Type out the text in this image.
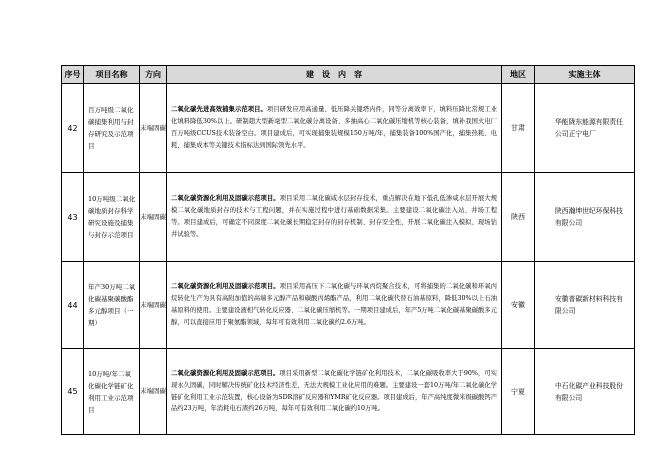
序号	项目名称	方向	建　设　内　容	地区	实施主体
42	百万吨级二氧化碳捕集利用与封存研究及示范项目	末端固碳	二氧化碳先进高效捕集示范项目。项目研发应用高通量、低压降关键塔内件，同等分离效率下，填料压降比常规工业化填料降低30%以上。研制超大型新毫型二氧化碳分离设备、多抽高心二氧化碳压缩机等核心装备，填补我国火电厂百万吨级CCUS技术装备空白。项目建成后，可实现捕集装规模150万吨/年，捕集装备100%国产化，捕集热耗、电耗、捕集成本等关键技术指标达到国际领先水平。	甘肃	华能陇东能源有限责任公司正宁电厂
43	10万吨级二氧化碳地质封存科学研究设施及捕集与封存示范项目	末端固碳	二氧化碳资源化利用及固碳示范项目。项目采用二氧化碳咸水层封存技术，重点解决在地下低孔低渗咸水层开展大规模二氧化碳地质封存的技术与工程问题，并在实施过程中进行基础数据采集。主要建设二氧化碳注入站、井场工程等。项目建成后，可确定不同深度二氧化碳长期稳定封存的封存机制、封存安全性，开展二氧化碳注入模拟、现场钻井试验等。	陕西	陕西瀚坤世纪环保科技有限公司
44	年产30万吨二氧化碳基聚碳酸酯多元醇项目（一期）	末端固碳	二氧化碳资源化利用及固碳示范项目。项目采用高压下二氧化碳与环氧丙烷聚合技术，可将捕集的二氧化碳和环氧丙烷转化生产为具有高附加值的高端多元醇产品和碳酸丙烯酯产品，利用二氧化碳代替石油基原料，降低30%以上石油基原料的使用。主要建设液相气转化反应器、二氧化碳压缩机等。一期项目建成后，年产5万吨二氧化碳基聚碳酸多元醇，可以直接应用于聚氨酯领域，每年可有效利用二氧化碳约2.6万吨。	安徽	安徽普碳新材料科技有限公司
45	10万吨/年二氧化碳化学链矿化利用工业示范项目	末端固碳	二氧化碳资源化利用及固碳示范项目。项目采用新型二氧化碳化学链矿化利用技术，二氧化碳吸收率大于90%，可实现永久固碳，同时解决传统矿化技术经济性差、无法大规模工业化应用的难题。主要建设一套10万吨/年二氧化碳化学链矿化利用工业示范装置，核心设备为SDR溶矿反应器和YMR矿化反应器。项目建成后，年产高纯度微米级碳酸钙产品约23万吨，年消耗电石渣约26万吨，每年可有效利用二氧化碳约10万吨。	宁夏	中石化碳产业科技股份有限公司
